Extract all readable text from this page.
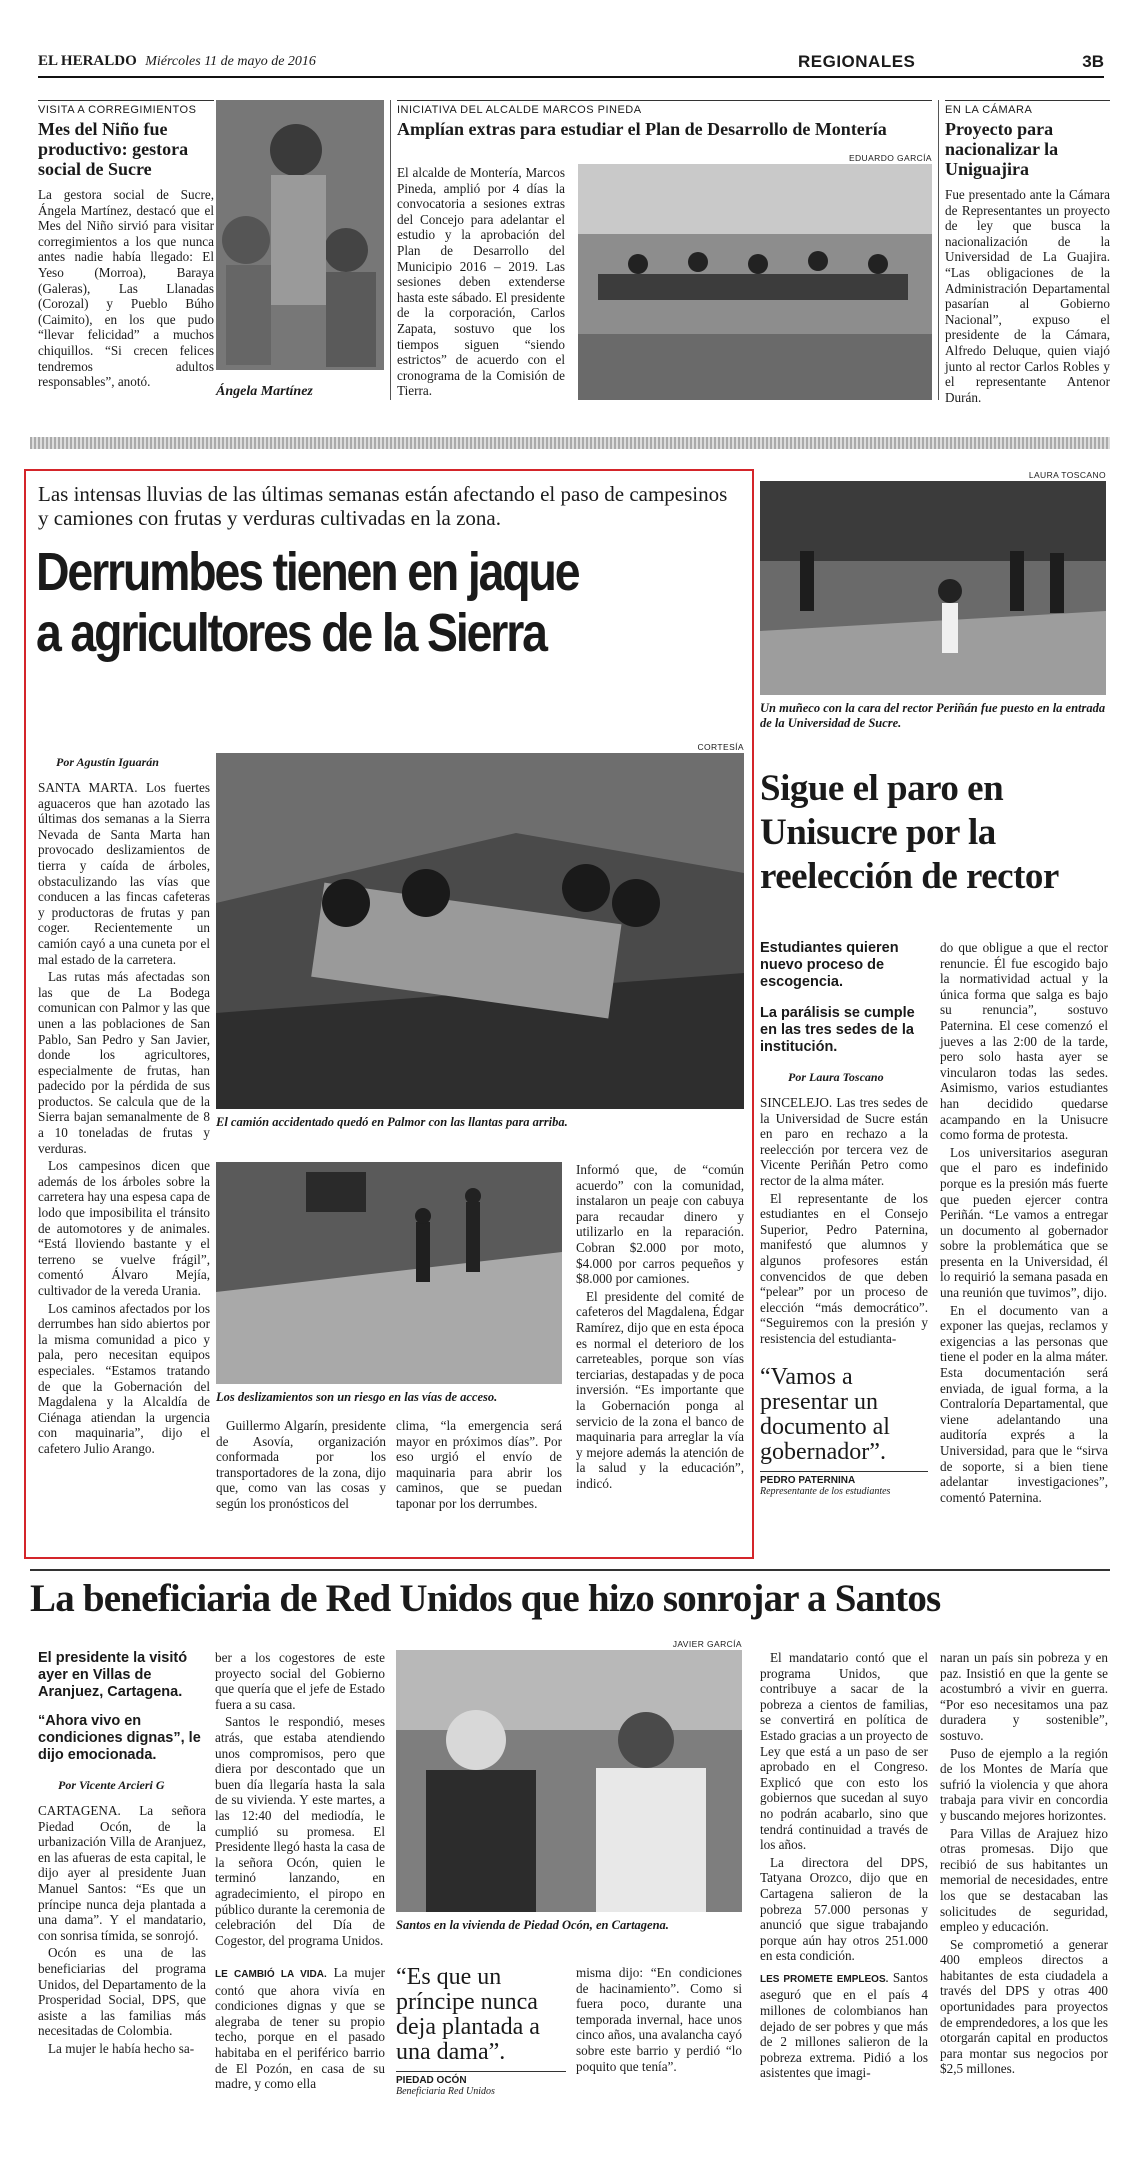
EL HERALDO Miércoles 11 de mayo de 2016	REGIONALES	3B
VISITA A CORREGIMIENTOS
Mes del Niño fue productivo: gestora social de Sucre

La gestora social de Sucre, Ángela Martínez, destacó que el Mes del Niño sirvió para visitar corregimientos a los que nunca antes nadie había llegado: El Yeso (Morroa), Baraya (Galeras), Las Llanadas (Corozal) y Pueblo Búho (Caimito), en los que pudo “llevar felicidad” a muchos chiquillos. “Si crecen felices tendremos adultos responsables”, anotó.

Ángela Martínez
INICIATIVA DEL ALCALDE MARCOS PINEDA
Amplían extras para estudiar el Plan de Desarrollo de Montería

El alcalde de Montería, Marcos Pineda, amplió por 4 días la convocatoria a sesiones extras del Concejo para adelantar el estudio y la aprobación del Plan de Desarrollo del Municipio 2016 – 2019. Las sesiones deben extenderse hasta este sábado. El presidente de la corporación, Carlos Zapata, sostuvo que los tiempos siguen “siendo estrictos” de acuerdo con el cronograma de la Comisión de Tierra.

EDUARDO GARCÍA
EN LA CÁMARA
Proyecto para nacionalizar la Uniguajira

Fue presentado ante la Cámara de Representantes un proyecto de ley que busca la nacionalización de la Universidad de La Guajira. “Las obligaciones de la Administración Departamental pasarían al Gobierno Nacional”, expuso el presidente de la Cámara, Alfredo Deluque, quien viajó junto al rector Carlos Robles y el representante Antenor Durán.

Las intensas lluvias de las últimas semanas están afectando el paso de campesinos y camiones con frutas y verduras cultivadas en la zona.
Derrumbes tienen en jaque
a agricultores de la Sierra
Por Agustín Iguarán

SANTA MARTA. Los fuertes aguaceros que han azotado las últimas dos semanas a la Sierra Nevada de Santa Marta han provocado deslizamientos de tierra y caída de árboles, obstaculizando las vías que conducen a las fincas cafeteras y productoras de frutas y pan coger. Recientemente un camión cayó a una cuneta por el mal estado de la carretera.

Las rutas más afectadas son las que de La Bodega comunican con Palmor y las que unen a las poblaciones de San Pablo, San Pedro y San Javier, donde los agricultores, especialmente de frutas, han padecido por la pérdida de sus productos. Se calcula que de la Sierra bajan semanalmente de 8 a 10 toneladas de frutas y verduras.

Los campesinos dicen que además de los árboles sobre la carretera hay una espesa capa de lodo que imposibilita el tránsito de automotores y de animales. “Está lloviendo bastante y el terreno se vuelve frágil”, comentó Álvaro Mejía, cultivador de la vereda Urania.

Los caminos afectados por los derrumbes han sido abiertos por la misma comunidad a pico y pala, pero necesitan equipos especiales. “Estamos tratando de que la Gobernación del Magdalena y la Alcaldía de Ciénaga atiendan la urgencia con maquinaria”, dijo el cafetero Julio Arango.

CORTESÍA
El camión accidentado quedó en Palmor con las llantas para arriba.
Los deslizamientos son un riesgo en las vías de acceso.

Guillermo Algarín, presidente de Asovía, organización conformada por los transportadores de la zona, dijo que, como van las cosas y según los pronósticos del

clima, “la emergencia será mayor en próximos días”. Por eso urgió el envío de maquinaria para abrir los caminos, que se puedan taponar por los derrumbes.

Informó que, de “común acuerdo” con la comunidad, instalaron un peaje con cabuya para recaudar dinero y utilizarlo en la reparación. Cobran $2.000 por moto, $4.000 por carros pequeños y $8.000 por camiones.

El presidente del comité de cafeteros del Magdalena, Édgar Ramírez, dijo que en esta época es normal el deterioro de los carreteables, porque son vías terciarias, destapadas y de poca inversión. “Es importante que la Gobernación ponga al servicio de la zona el banco de maquinaria para arreglar la vía y mejore además la atención de la salud y la educación”, indicó.

LAURA TOSCANO
Un muñeco con la cara del rector Periñán fue puesto en la entrada de la Universidad de Sucre.
Sigue el paro en Unisucre por la reelección de rector
Estudiantes quieren nuevo proceso de escogencia.
La parálisis se cumple en las tres sedes de la institución.
Por Laura Toscano

SINCELEJO. Las tres sedes de la Universidad de Sucre están en paro en rechazo a la reelección por tercera vez de Vicente Periñán Petro como rector de la alma máter.

El representante de los estudiantes en el Consejo Superior, Pedro Paternina, manifestó que alumnos y algunos profesores están convencidos de que deben “pelear” por un proceso de elección “más democrático”. “Seguiremos con la presión y resistencia del estudianta-

“Vamos a presentar un documento al gobernador”.
PEDRO PATERNINA
Representante de los estudiantes

do que obligue a que el rector renuncie. Él fue escogido bajo la normatividad actual y la única forma que salga es bajo su renuncia”, sostuvo Paternina. El cese comenzó el jueves a las 2:00 de la tarde, pero solo hasta ayer se vincularon todas las sedes. Asimismo, varios estudiantes han decidido quedarse acampando en la Unisucre como forma de protesta.

Los universitarios aseguran que el paro es indefinido porque es la presión más fuerte que pueden ejercer contra Periñán. “Le vamos a entregar un documento al gobernador sobre la problemática que se presenta en la Universidad, él lo requirió la semana pasada en una reunión que tuvimos”, dijo.

En el documento van a exponer las quejas, reclamos y exigencias a las personas que tiene el poder en la alma máter. Esta documentación será enviada, de igual forma, a la Contraloría Departamental, que viene adelantando una auditoría exprés a la Universidad, para que le “sirva de soporte, si a bien tiene adelantar investigaciones”, comentó Paternina.

La beneficiaria de Red Unidos que hizo sonrojar a Santos
El presidente la visitó ayer en Villas de Aranjuez, Cartagena.
“Ahora vivo en condiciones dignas”, le dijo emocionada.
Por Vicente Arcieri G

CARTAGENA. La señora Piedad Ocón, de la urbanización Villa de Aranjuez, en las afueras de esta capital, le dijo ayer al presidente Juan Manuel Santos: “Es que un príncipe nunca deja plantada a una dama”. Y el mandatario, con sonrisa tímida, se sonrojó.

Ocón es una de las beneficiarias del programa Unidos, del Departamento de la Prosperidad Social, DPS, que asiste a las familias más necesitadas de Colombia.

La mujer le había hecho sa-

ber a los cogestores de este proyecto social del Gobierno que quería que el jefe de Estado fuera a su casa.

Santos le respondió, meses atrás, que estaba atendiendo unos compromisos, pero que diera por descontado que un buen día llegaría hasta la sala de su vivienda. Y este martes, a las 12:40 del mediodía, le cumplió su promesa. El Presidente llegó hasta la casa de la señora Ocón, quien le terminó lanzando, en agradecimiento, el piropo en público durante la ceremonia de celebración del Día de Cogestor, del programa Unidos.

JAVIER GARCÍA
Santos en la vivienda de Piedad Ocón, en Cartagena.

LE CAMBIÓ LA VIDA. La mujer contó que ahora vivía en condiciones dignas y que se alegraba de tener su propio techo, porque en el pasado habitaba en el periférico barrio de El Pozón, en casa de su madre, y como ella

“Es que un príncipe nunca deja plantada a una dama”.
PIEDAD OCÓN
Beneficiaria Red Unidos

misma dijo: “En condiciones de hacinamiento”. Como si fuera poco, durante una temporada invernal, hace unos cinco años, una avalancha cayó sobre este barrio y perdió “lo poquito que tenía”.

El mandatario contó que el programa Unidos, que contribuye a sacar de la pobreza a cientos de familias, se convertirá en política de Estado gracias a un proyecto de Ley que está a un paso de ser aprobado en el Congreso. Explicó que con esto los gobiernos que sucedan al suyo no podrán acabarlo, sino que tendrá continuidad a través de los años.

La directora del DPS, Tatyana Orozco, dijo que en Cartagena salieron de la pobreza 57.000 personas y anunció que sigue trabajando porque aún hay otros 251.000 en esta condición.

LES PROMETE EMPLEOS. Santos aseguró que en el país 4 millones de colombianos han dejado de ser pobres y que más de 2 millones salieron de la pobreza extrema. Pidió a los asistentes que imagi-

naran un país sin pobreza y en paz. Insistió en que la gente se acostumbró a vivir en guerra. “Por eso necesitamos una paz duradera y sostenible”, sostuvo.

Puso de ejemplo a la región de los Montes de María que sufrió la violencia y que ahora trabaja para vivir en concordia y buscando mejores horizontes.

Para Villas de Arajuez hizo otras promesas. Dijo que recibió de sus habitantes un memorial de necesidades, entre los que se destacaban las solicitudes de seguridad, empleo y educación.

Se comprometió a generar 400 empleos directos a habitantes de esta ciudadela a través del DPS y otras 400 oportunidades para proyectos de emprendedores, a los que les otorgarán capital en productos para montar sus negocios por $2,5 millones.
